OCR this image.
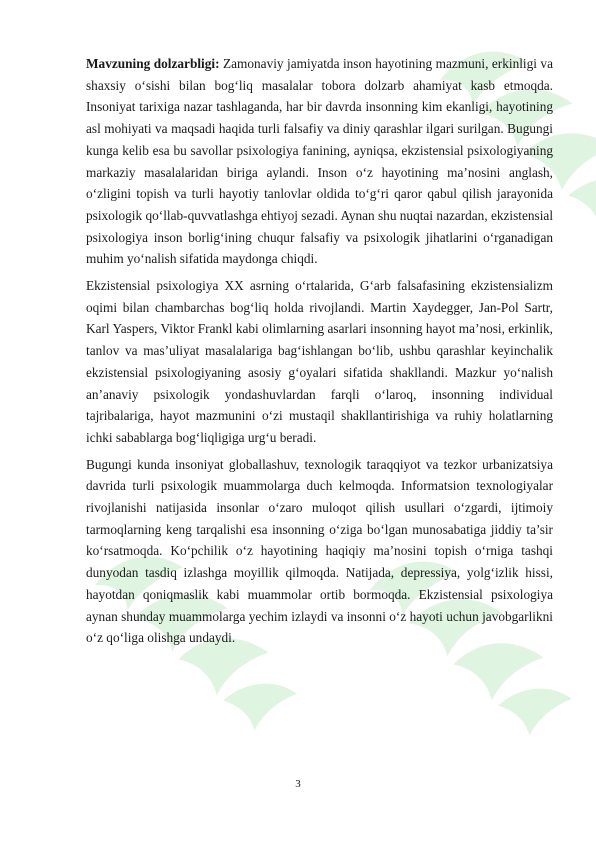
Mavzuning dolzarbligi: Zamonaviy jamiyatda inson hayotining mazmuni, erkinligi va shaxsiy o‘sishi bilan bog‘liq masalalar tobora dolzarb ahamiyat kasb etmoqda. Insoniyat tarixiga nazar tashlaganda, har bir davrda insonning kim ekanligi, hayotining asl mohiyati va maqsadi haqida turli falsafiy va diniy qarashlar ilgari surilgan. Bugungi kunga kelib esa bu savollar psixologiya fanining, ayniqsa, ekzistensial psixologiyaning markaziy masalalaridan biriga aylandi. Inson o‘z hayotining ma’nosini anglash, o‘zligini topish va turli hayotiy tanlovlar oldida to‘g‘ri qaror qabul qilish jarayonida psixologik qo‘llab-quvvatlashga ehtiyoj sezadi. Aynan shu nuqtai nazardan, ekzistensial psixologiya inson borlig‘ining chuqur falsafiy va psixologik jihatlarini o‘rganadigan muhim yo‘nalish sifatida maydonga chiqdi.

Ekzistensial psixologiya XX asrning o‘rtalarida, G‘arb falsafasining ekzistensializm oqimi bilan chambarchas bog‘liq holda rivojlandi. Martin Xaydegger, Jan-Pol Sartr, Karl Yaspers, Viktor Frankl kabi olimlarning asarlari insonning hayot ma’nosi, erkinlik, tanlov va mas’uliyat masalalariga bag‘ishlangan bo‘lib, ushbu qarashlar keyinchalik ekzistensial psixologiyaning asosiy g‘oyalari sifatida shakllandi. Mazkur yo‘nalish an’anaviy psixologik yondashuvlardan farqli o‘laroq, insonning individual tajribalariga, hayot mazmunini o‘zi mustaqil shakllantirishiga va ruhiy holatlarning ichki sabablarga bog‘liqligiga urg‘u beradi.

Bugungi kunda insoniyat globallashuv, texnologik taraqqiyot va tezkor urbanizatsiya davrida turli psixologik muammolarga duch kelmoqda. Informatsion texnologiyalar rivojlanishi natijasida insonlar o‘zaro muloqot qilish usullari o‘zgardi, ijtimoiy tarmoqlarning keng tarqalishi esa insonning o‘ziga bo‘lgan munosabatiga jiddiy ta’sir ko‘rsatmoqda. Ko‘pchilik o‘z hayotining haqiqiy ma’nosini topish o‘rniga tashqi dunyodan tasdiq izlashga moyillik qilmoqda. Natijada, depressiya, yolg‘izlik hissi, hayotdan qoniqmaslik kabi muammolar ortib bormoqda. Ekzistensial psixologiya aynan shunday muammolarga yechim izlaydi va insonni o‘z hayoti uchun javobgarlikni o‘z qo‘liga olishga undaydi.

3
